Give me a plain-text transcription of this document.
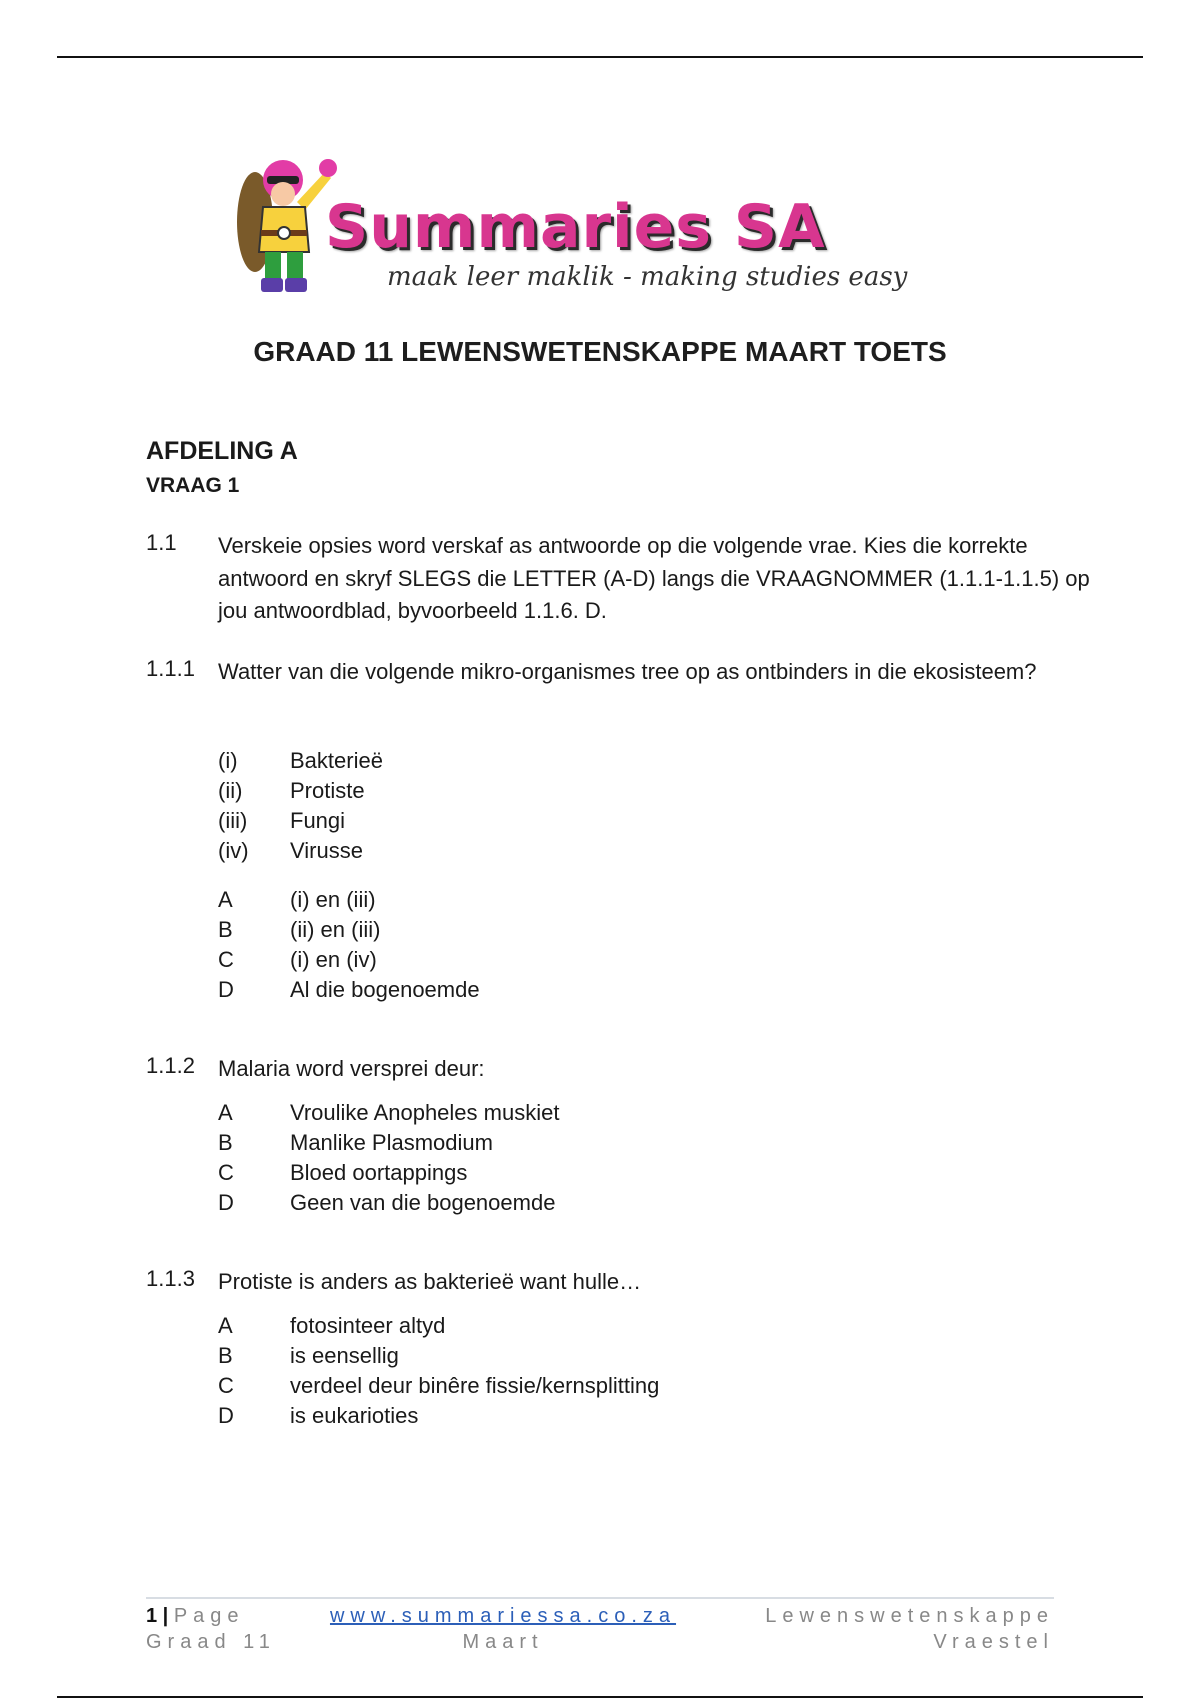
Summaries SA
maak leer maklik - making studies easy
GRAAD 11 LEWENSWETENSKAPPE MAART TOETS
AFDELING A
VRAAG 1
1.1 Verskeie opsies word verskaf as antwoorde op die volgende vrae. Kies die korrekte antwoord en skryf SLEGS die LETTER (A-D) langs die VRAAGNOMMER (1.1.1-1.1.5) op jou antwoordblad, byvoorbeeld 1.1.6. D.
1.1.1 Watter van die volgende mikro-organismes tree op as ontbinders in die ekosisteem?
(i) Bakterieë
(ii) Protiste
(iii) Fungi
(iv) Virusse
A	(i) en (iii)
B	(ii) en (iii)
C	(i) en (iv)
D	Al die bogenoemde
1.1.2 Malaria word versprei deur:
A	Vroulike Anopheles muskiet
B	Manlike Plasmodium
C	Bloed oortappings
D	Geen van die bogenoemde
1.1.3 Protiste is anders as bakterieë want hulle…
A	fotosinteer altyd
B	is eensellig
C	verdeel deur binêre fissie/kernsplitting
D	is eukarioties
1 | Page
Graad 11
www.summariessa.co.za
Maart
Lewenswetenskappe
Vraestel
